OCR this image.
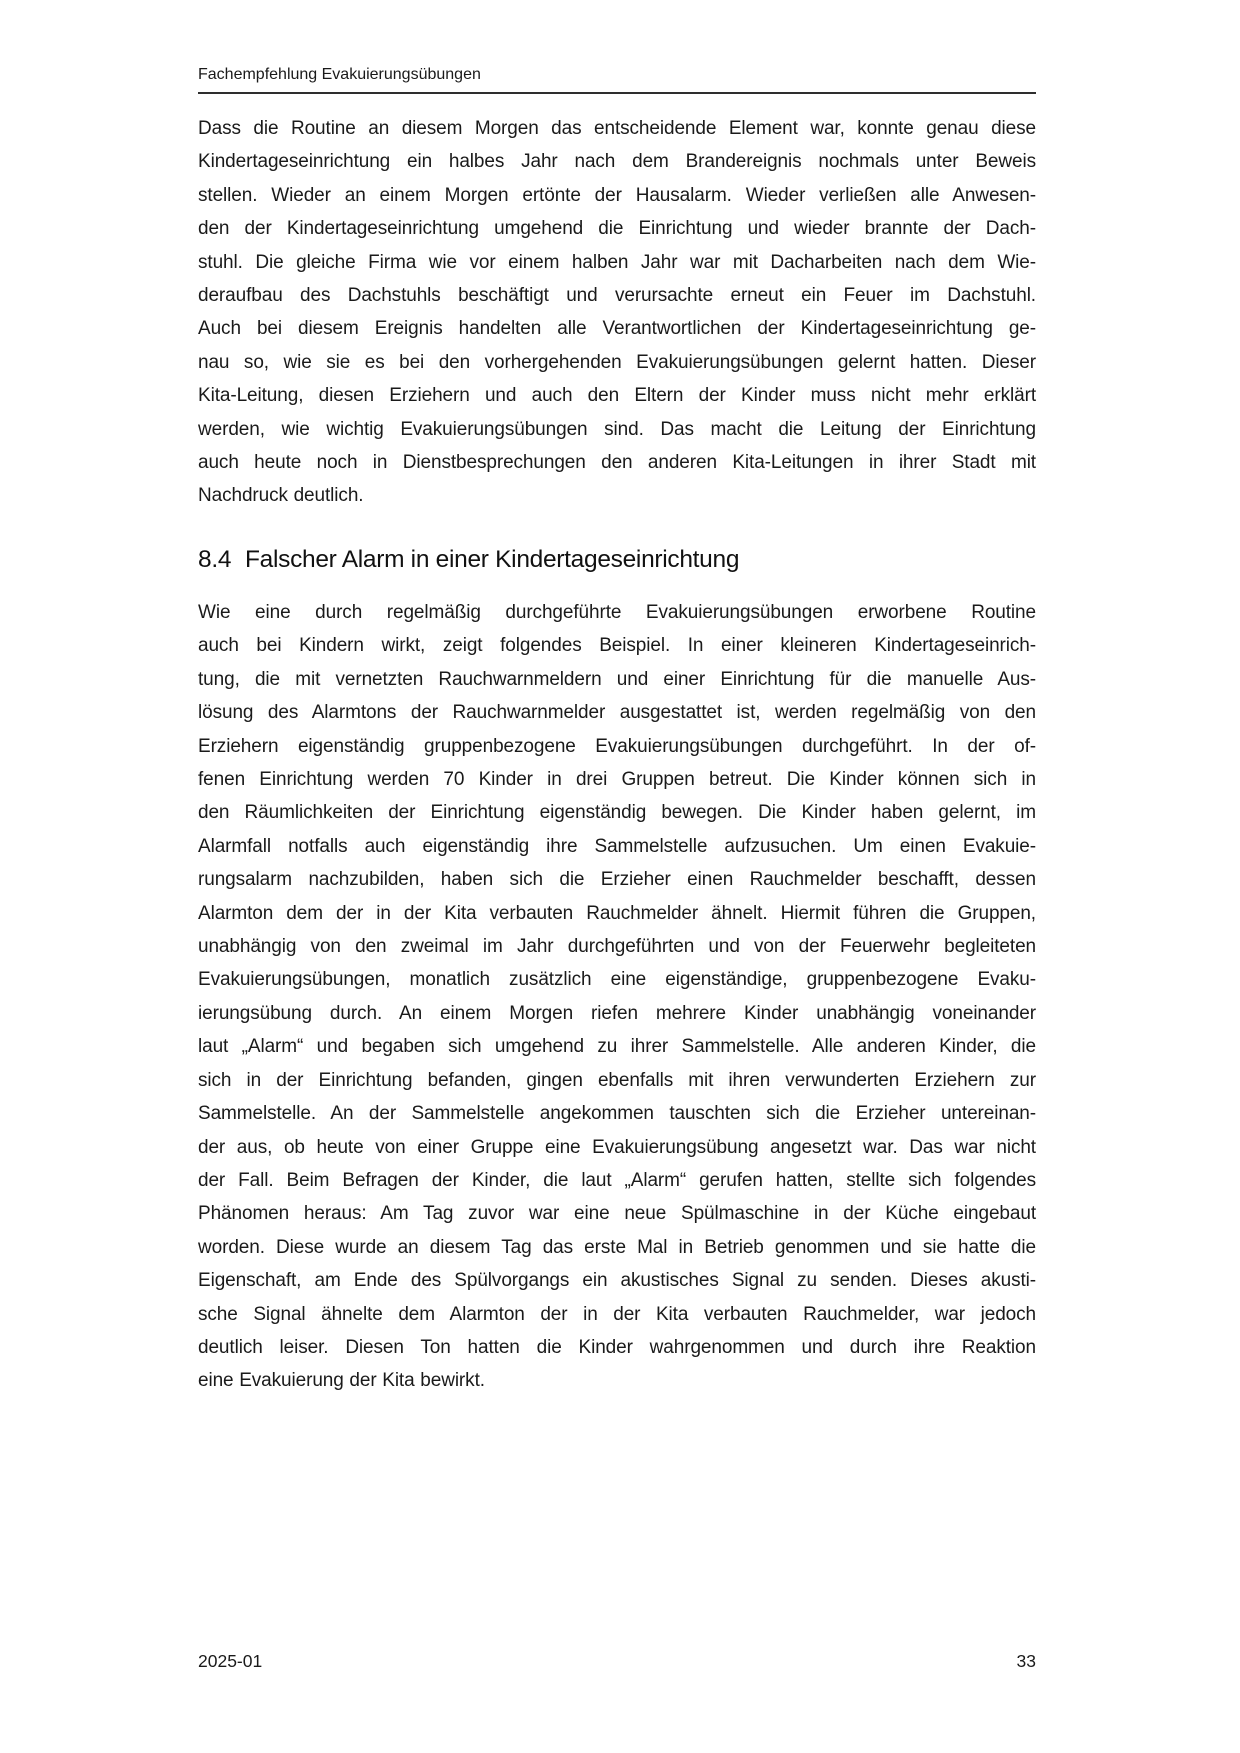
Fachempfehlung Evakuierungsübungen
Dass die Routine an diesem Morgen das entscheidende Element war, konnte genau diese
Kindertageseinrichtung ein halbes Jahr nach dem Brandereignis nochmals unter Beweis
stellen. Wieder an einem Morgen ertönte der Hausalarm. Wieder verließen alle Anwesen-
den der Kindertageseinrichtung umgehend die Einrichtung und wieder brannte der Dach-
stuhl. Die gleiche Firma wie vor einem halben Jahr war mit Dacharbeiten nach dem Wie-
deraufbau des Dachstuhls beschäftigt und verursachte erneut ein Feuer im Dachstuhl.
Auch bei diesem Ereignis handelten alle Verantwortlichen der Kindertageseinrichtung ge-
nau so, wie sie es bei den vorhergehenden Evakuierungsübungen gelernt hatten. Dieser
Kita-Leitung, diesen Erziehern und auch den Eltern der Kinder muss nicht mehr erklärt
werden, wie wichtig Evakuierungsübungen sind. Das macht die Leitung der Einrichtung
auch heute noch in Dienstbesprechungen den anderen Kita-Leitungen in ihrer Stadt mit
Nachdruck deutlich.
8.4 Falscher Alarm in einer Kindertageseinrichtung
Wie eine durch regelmäßig durchgeführte Evakuierungsübungen erworbene Routine
auch bei Kindern wirkt, zeigt folgendes Beispiel. In einer kleineren Kindertageseinrich-
tung, die mit vernetzten Rauchwarnmeldern und einer Einrichtung für die manuelle Aus-
lösung des Alarmtons der Rauchwarnmelder ausgestattet ist, werden regelmäßig von den
Erziehern eigenständig gruppenbezogene Evakuierungsübungen durchgeführt. In der of-
fenen Einrichtung werden 70 Kinder in drei Gruppen betreut. Die Kinder können sich in
den Räumlichkeiten der Einrichtung eigenständig bewegen. Die Kinder haben gelernt, im
Alarmfall notfalls auch eigenständig ihre Sammelstelle aufzusuchen. Um einen Evakuie-
rungsalarm nachzubilden, haben sich die Erzieher einen Rauchmelder beschafft, dessen
Alarmton dem der in der Kita verbauten Rauchmelder ähnelt. Hiermit führen die Gruppen,
unabhängig von den zweimal im Jahr durchgeführten und von der Feuerwehr begleiteten
Evakuierungsübungen, monatlich zusätzlich eine eigenständige, gruppenbezogene Evaku-
ierungsübung durch. An einem Morgen riefen mehrere Kinder unabhängig voneinander
laut „Alarm“ und begaben sich umgehend zu ihrer Sammelstelle. Alle anderen Kinder, die
sich in der Einrichtung befanden, gingen ebenfalls mit ihren verwunderten Erziehern zur
Sammelstelle. An der Sammelstelle angekommen tauschten sich die Erzieher untereinan-
der aus, ob heute von einer Gruppe eine Evakuierungsübung angesetzt war. Das war nicht
der Fall. Beim Befragen der Kinder, die laut „Alarm“ gerufen hatten, stellte sich folgendes
Phänomen heraus: Am Tag zuvor war eine neue Spülmaschine in der Küche eingebaut
worden. Diese wurde an diesem Tag das erste Mal in Betrieb genommen und sie hatte die
Eigenschaft, am Ende des Spülvorgangs ein akustisches Signal zu senden. Dieses akusti-
sche Signal ähnelte dem Alarmton der in der Kita verbauten Rauchmelder, war jedoch
deutlich leiser. Diesen Ton hatten die Kinder wahrgenommen und durch ihre Reaktion
eine Evakuierung der Kita bewirkt.
2025-01	33
